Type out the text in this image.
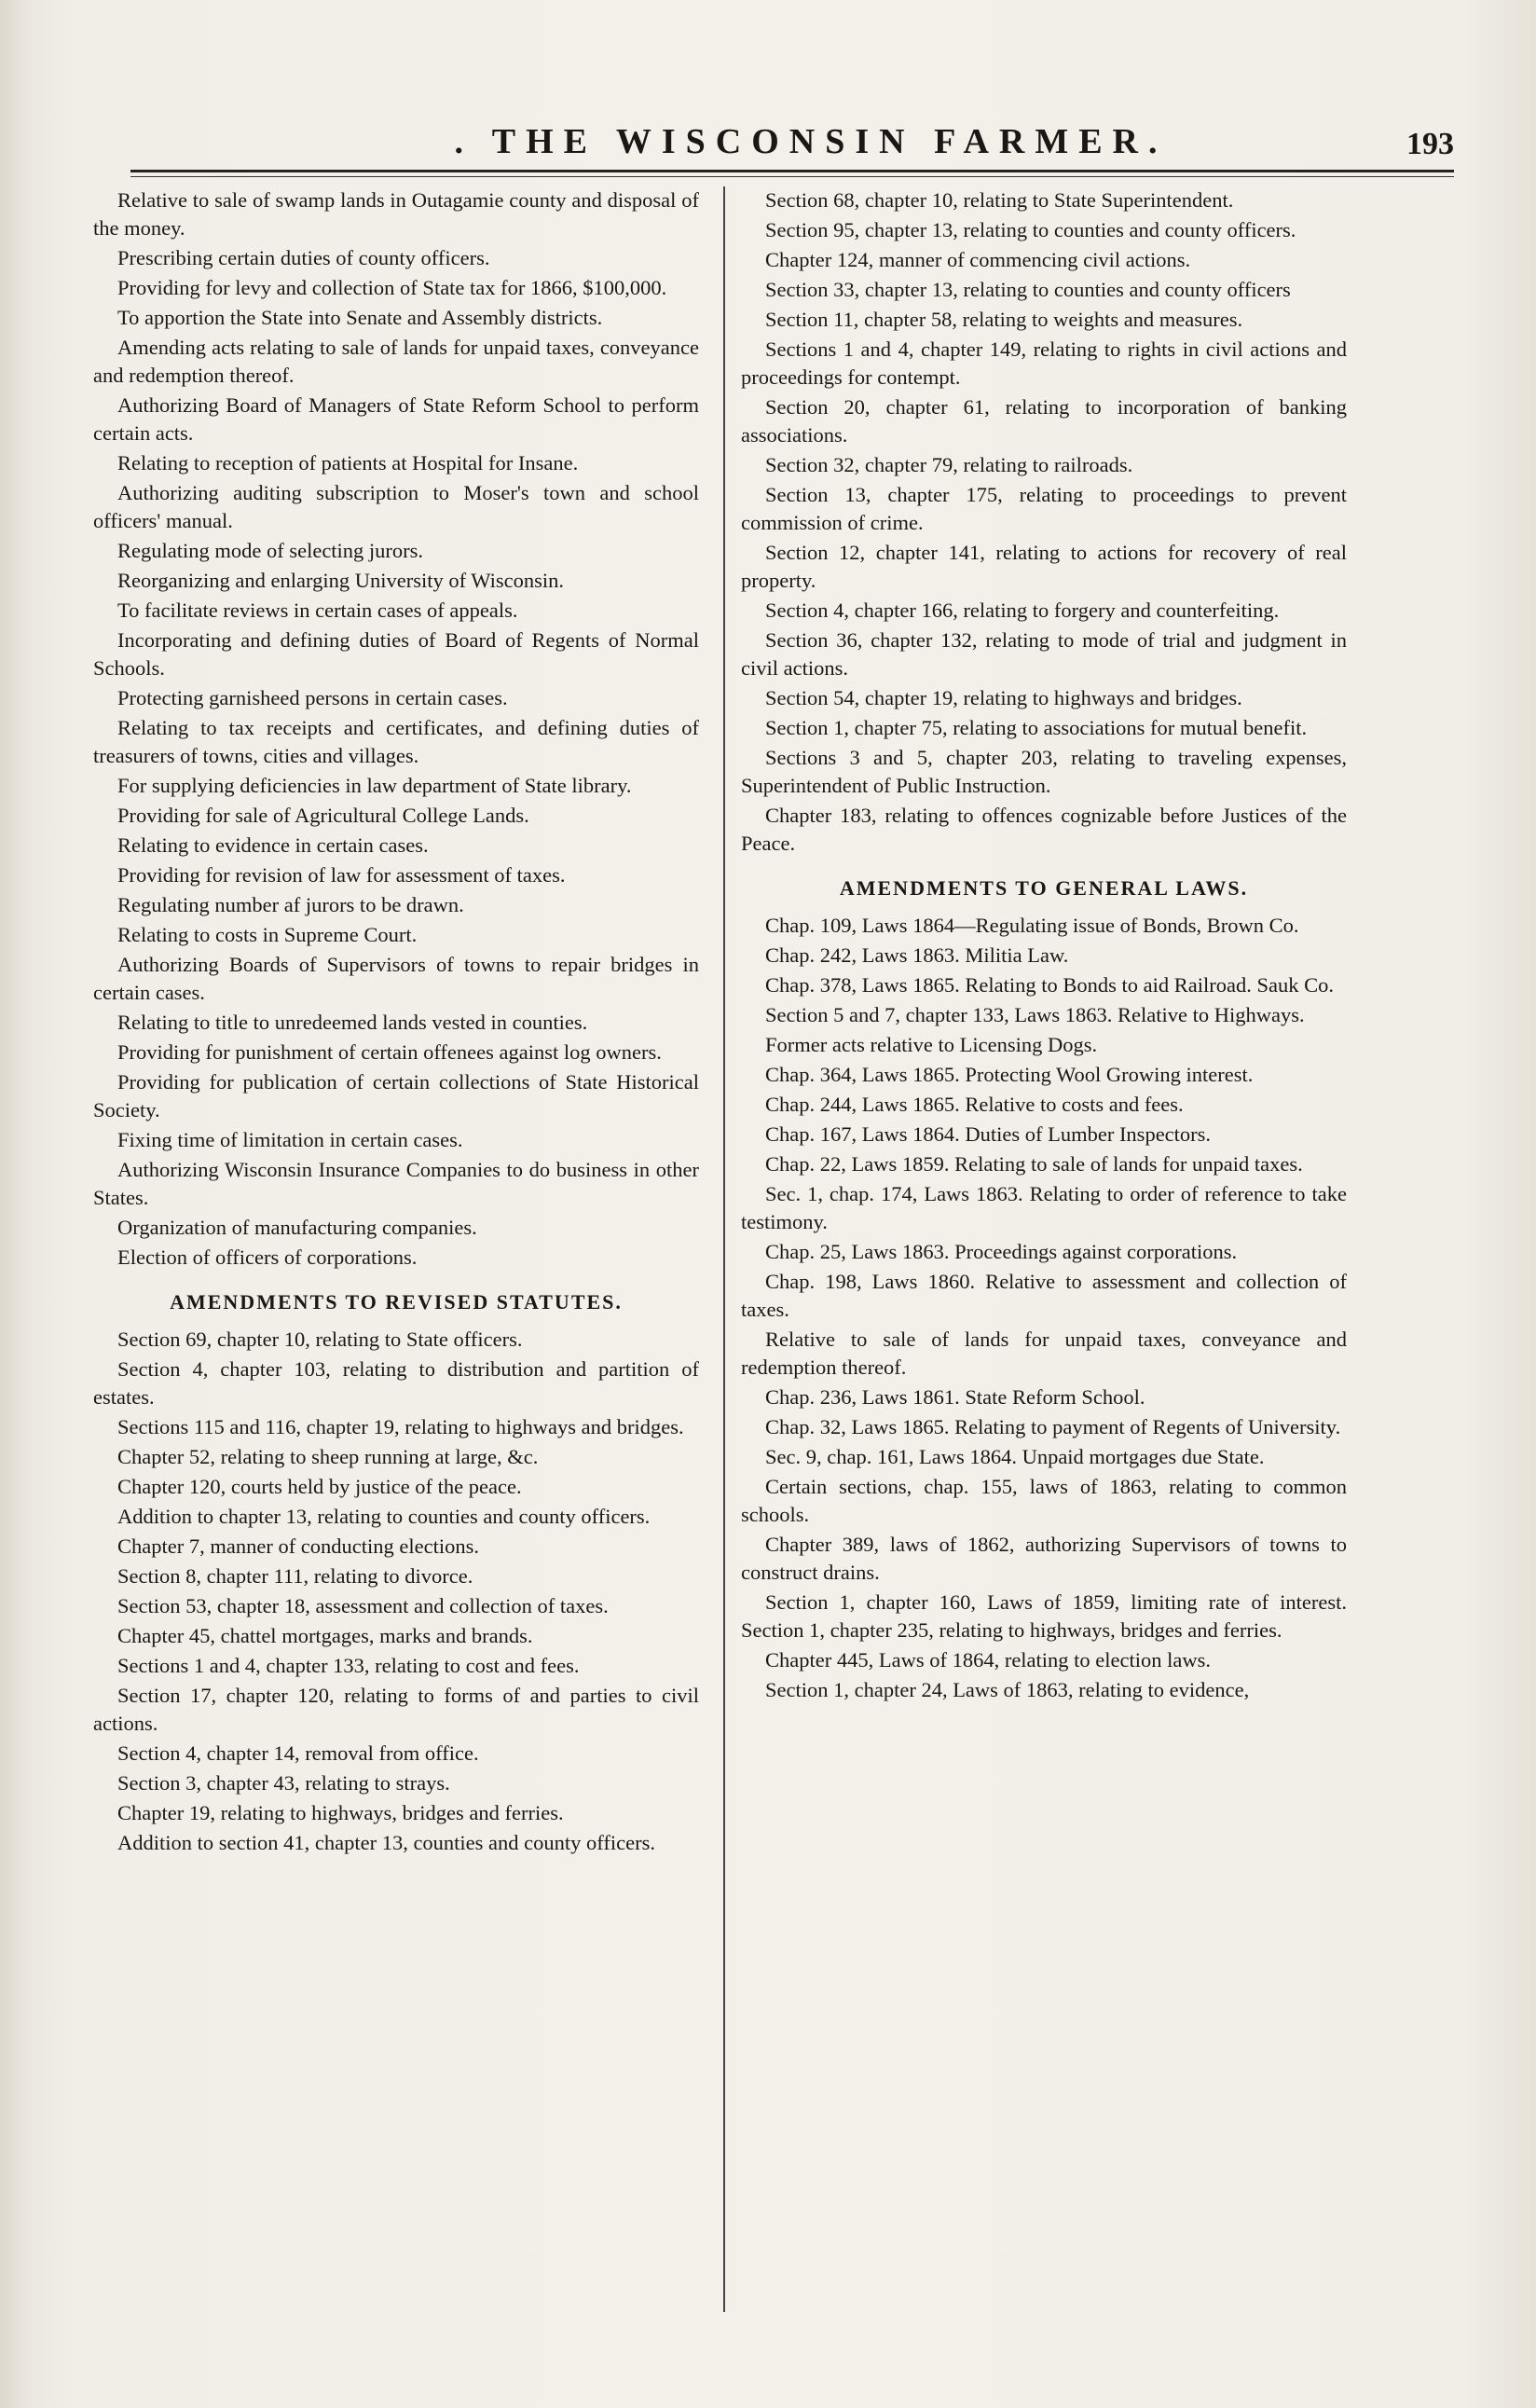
. THE WISCONSIN FARMER.	193

Relative to sale of swamp lands in Outagamie county and disposal of the money.

Prescribing certain duties of county officers.

Providing for levy and collection of State tax for 1866, $100,000.

To apportion the State into Senate and Assembly districts.

Amending acts relating to sale of lands for unpaid taxes, conveyance and redemption thereof.

Authorizing Board of Managers of State Reform School to perform certain acts.

Relating to reception of patients at Hospital for Insane.

Authorizing auditing subscription to Moser's town and school officers' manual.

Regulating mode of selecting jurors.

Reorganizing and enlarging University of Wisconsin.

To facilitate reviews in certain cases of appeals.

Incorporating and defining duties of Board of Regents of Normal Schools.

Protecting garnisheed persons in certain cases.

Relating to tax receipts and certificates, and defining duties of treasurers of towns, cities and villages.

For supplying deficiencies in law department of State library.

Providing for sale of Agricultural College Lands.

Relating to evidence in certain cases.

Providing for revision of law for assessment of taxes.

Regulating number af jurors to be drawn.

Relating to costs in Supreme Court.

Authorizing Boards of Supervisors of towns to repair bridges in certain cases.

Relating to title to unredeemed lands vested in counties.

Providing for punishment of certain offenees against log owners.

Providing for publication of certain collections of State Historical Society.

Fixing time of limitation in certain cases.

Authorizing Wisconsin Insurance Companies to do business in other States.

Organization of manufacturing companies.

Election of officers of corporations.

AMENDMENTS TO REVISED STATUTES.

Section 69, chapter 10, relating to State officers.

Section 4, chapter 103, relating to distribution and partition of estates.

Sections 115 and 116, chapter 19, relating to highways and bridges.

Chapter 52, relating to sheep running at large, &c.

Chapter 120, courts held by justice of the peace.

Addition to chapter 13, relating to counties and county officers.

Chapter 7, manner of conducting elections.

Section 8, chapter 111, relating to divorce.

Section 53, chapter 18, assessment and collection of taxes.

Chapter 45, chattel mortgages, marks and brands.

Sections 1 and 4, chapter 133, relating to cost and fees.

Section 17, chapter 120, relating to forms of and parties to civil actions.

Section 4, chapter 14, removal from office.

Section 3, chapter 43, relating to strays.

Chapter 19, relating to highways, bridges and ferries.

Addition to section 41, chapter 13, counties and county officers.

Section 68, chapter 10, relating to State Superintendent.

Section 95, chapter 13, relating to counties and county officers.

Chapter 124, manner of commencing civil actions.

Section 33, chapter 13, relating to counties and county officers

Section 11, chapter 58, relating to weights and measures.

Sections 1 and 4, chapter 149, relating to rights in civil actions and proceedings for contempt.

Section 20, chapter 61, relating to incorporation of banking associations.

Section 32, chapter 79, relating to railroads.

Section 13, chapter 175, relating to proceedings to prevent commission of crime.

Section 12, chapter 141, relating to actions for recovery of real property.

Section 4, chapter 166, relating to forgery and counterfeiting.

Section 36, chapter 132, relating to mode of trial and judgment in civil actions.

Section 54, chapter 19, relating to highways and bridges.

Section 1, chapter 75, relating to associations for mutual benefit.

Sections 3 and 5, chapter 203, relating to traveling expenses, Superintendent of Public Instruction.

Chapter 183, relating to offences cognizable before Justices of the Peace.

AMENDMENTS TO GENERAL LAWS.

Chap. 109, Laws 1864—Regulating issue of Bonds, Brown Co.

Chap. 242, Laws 1863. Militia Law.

Chap. 378, Laws 1865. Relating to Bonds to aid Railroad. Sauk Co.

Section 5 and 7, chapter 133, Laws 1863. Relative to Highways.

Former acts relative to Licensing Dogs.

Chap. 364, Laws 1865. Protecting Wool Growing interest.

Chap. 244, Laws 1865. Relative to costs and fees.

Chap. 167, Laws 1864. Duties of Lumber Inspectors.

Chap. 22, Laws 1859. Relating to sale of lands for unpaid taxes.

Sec. 1, chap. 174, Laws 1863. Relating to order of reference to take testimony.

Chap. 25, Laws 1863. Proceedings against corporations.

Chap. 198, Laws 1860. Relative to assessment and collection of taxes.

Relative to sale of lands for unpaid taxes, conveyance and redemption thereof.

Chap. 236, Laws 1861. State Reform School.

Chap. 32, Laws 1865. Relating to payment of Regents of University.

Sec. 9, chap. 161, Laws 1864. Unpaid mortgages due State.

Certain sections, chap. 155, laws of 1863, relating to common schools.

Chapter 389, laws of 1862, authorizing Supervisors of towns to construct drains.

Section 1, chapter 160, Laws of 1859, limiting rate of interest. Section 1, chapter 235, relating to highways, bridges and ferries.

Chapter 445, Laws of 1864, relating to election laws.

Section 1, chapter 24, Laws of 1863, relating to evidence,
